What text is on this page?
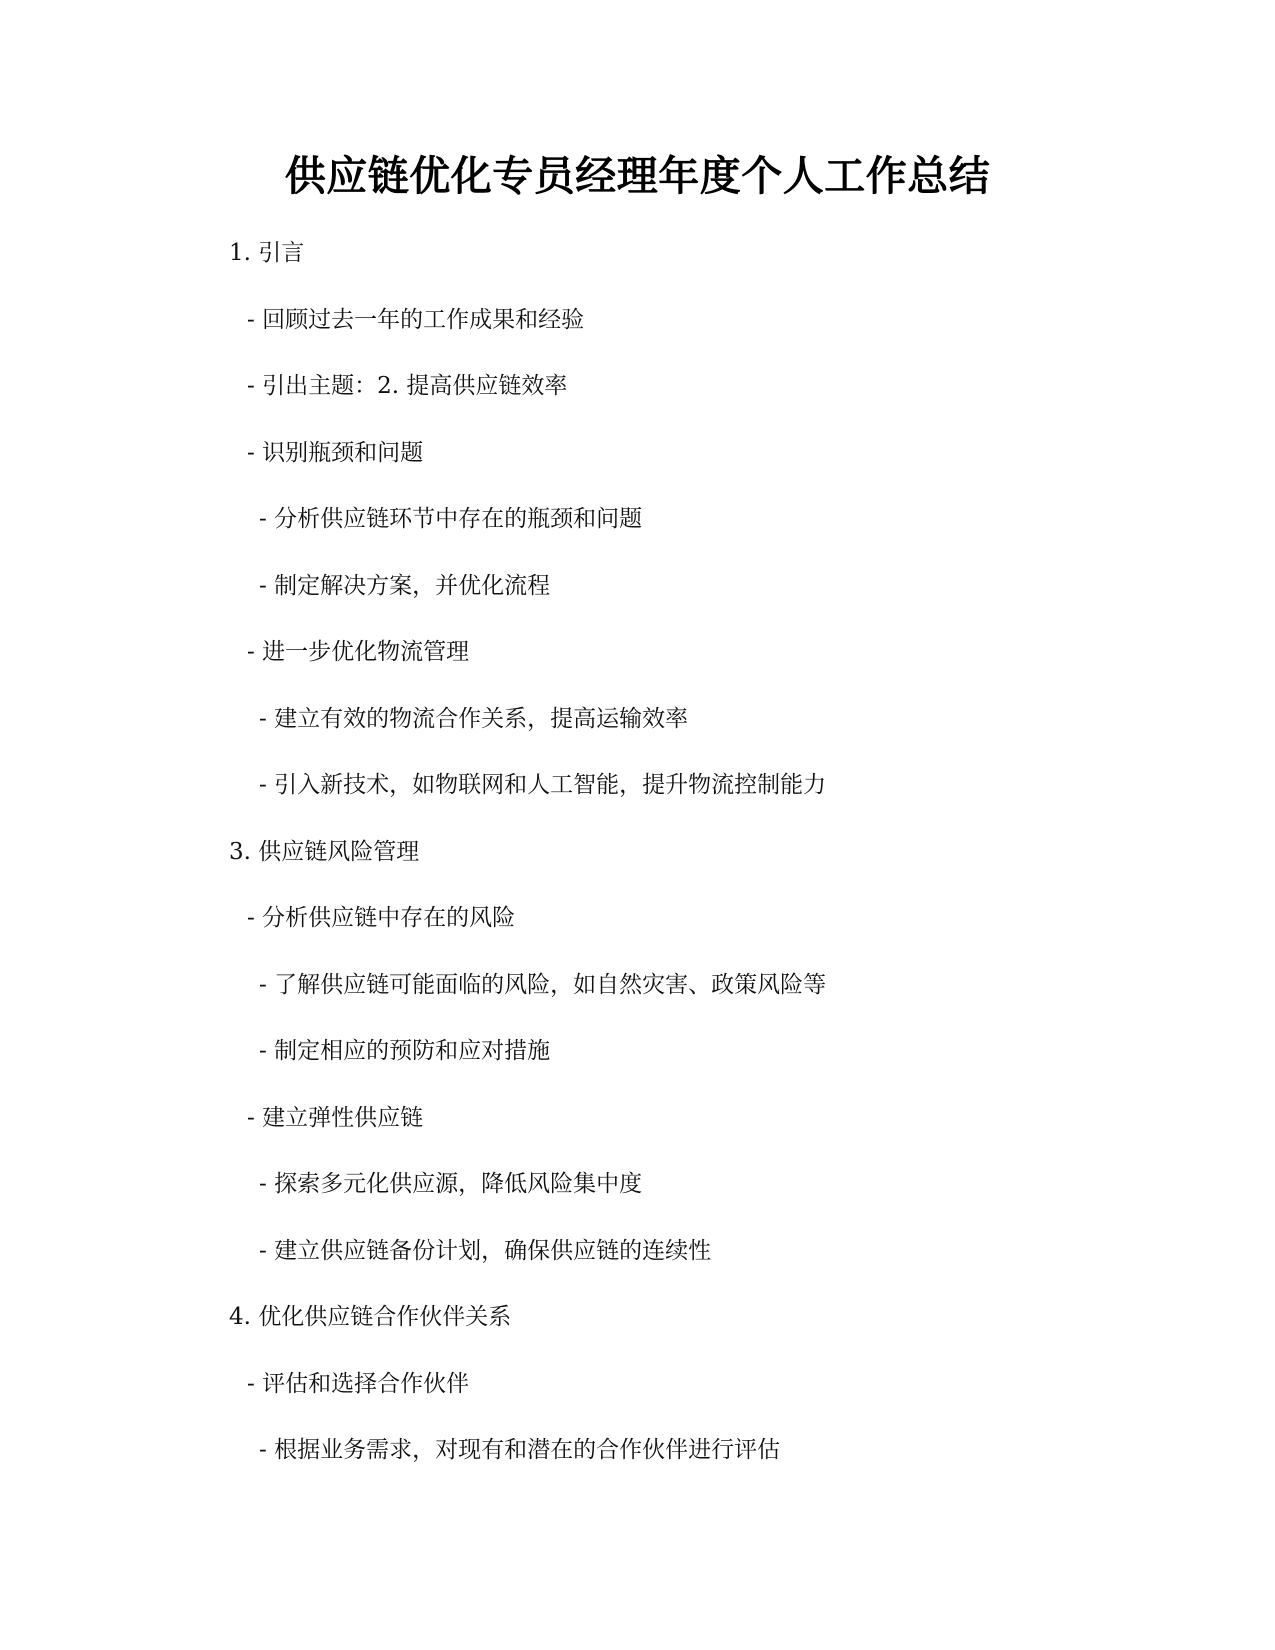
供应链优化专员经理年度个人工作总结
1. 引言
- 回顾过去一年的工作成果和经验
- 引出主题：2. 提高供应链效率
- 识别瓶颈和问题
- 分析供应链环节中存在的瓶颈和问题
- 制定解决方案，并优化流程
- 进一步优化物流管理
- 建立有效的物流合作关系，提高运输效率
- 引入新技术，如物联网和人工智能，提升物流控制能力
3. 供应链风险管理
- 分析供应链中存在的风险
- 了解供应链可能面临的风险，如自然灾害、政策风险等
- 制定相应的预防和应对措施
- 建立弹性供应链
- 探索多元化供应源，降低风险集中度
- 建立供应链备份计划，确保供应链的连续性
4. 优化供应链合作伙伴关系
- 评估和选择合作伙伴
- 根据业务需求，对现有和潜在的合作伙伴进行评估
